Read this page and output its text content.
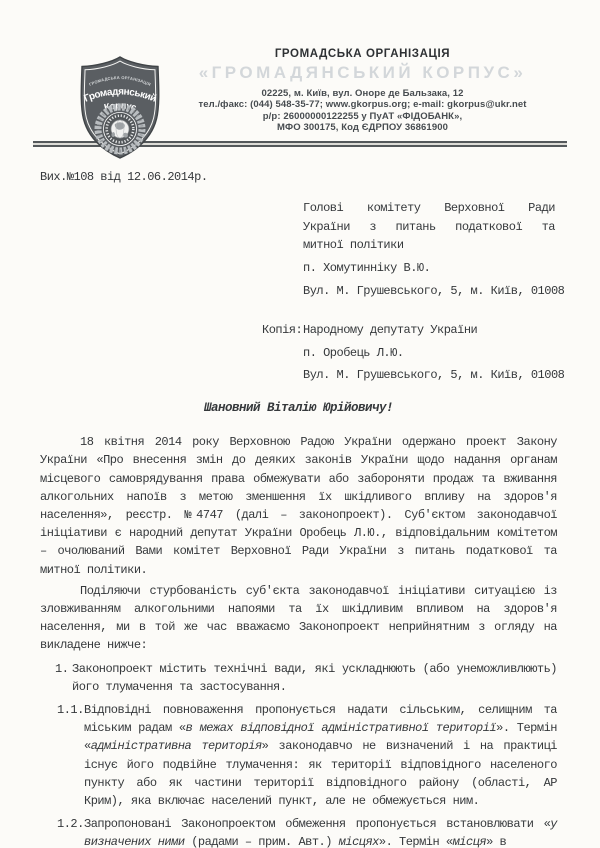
ГРОМАДСЬКА ОРГАНІЗАЦІЯ
Громадянський
Корпус
ГРОМАДСЬКА ОРГАНІЗАЦІЯ
«ГРОМАДЯНСЬКИЙ КОРПУС»
02225, м. Київ, вул. Оноре де Бальзака, 12
тел./факс: (044) 548-35-77; www.gkorpus.org; e-mail: gkorpus@ukr.net
р/р: 26000000122255 у ПуАТ «ФІДОБАНК»,
МФО 300175, Код ЄДРПОУ 36861900
Вих.№108 від 12.06.2014р.
Голові комітету Верховної Ради
України з питань податкової та
митної політики
п. Хомутинніку В.Ю.
Вул. М. Грушевського, 5, м. Київ, 01008
Копія: Народному депутату України
п. Оробець Л.Ю.
Вул. М. Грушевського, 5, м. Київ, 01008
Шановний Віталію Юрійовичу!
18 квітня 2014 року Верховною Радою України одержано проект Закону України «Про внесення змін до деяких законів України щодо надання органам місцевого самоврядування права обмежувати або забороняти продаж та вживання алкогольних напоїв з метою зменшення їх шкідливого впливу на здоров'я населення», реєстр. №4747 (далі – законопроект). Суб'єктом законодавчої ініціативи є народний депутат України Оробець Л.Ю., відповідальним комітетом – очолюваний Вами комітет Верховної Ради України з питань податкової та митної політики.
Поділяючи стурбованість суб'єкта законодавчої ініціативи ситуацією із зловживанням алкогольними напоями та їх шкідливим впливом на здоров'я населення, ми в той же час вважаємо Законопроект неприйнятним з огляду на викладене нижче:
1. Законопроект містить технічні вади, які ускладнюють (або унеможливлюють) його тлумачення та застосування.
1.1. Відповідні повноваження пропонується надати сільським, селищним та міським радам «в межах відповідної адміністративної території». Термін «адміністративна територія» законодавчо не визначений і на практиці існує його подвійне тлумачення: як території відповідного населеного пункту або як частини території відповідного району (області, АР Крим), яка включає населений пункт, але не обмежується ним.
1.2. Запропоновані Законопроектом обмеження пропонується встановлювати «у визначених ними (радами – прим. Авт.) місцях». Термін «місця» в
